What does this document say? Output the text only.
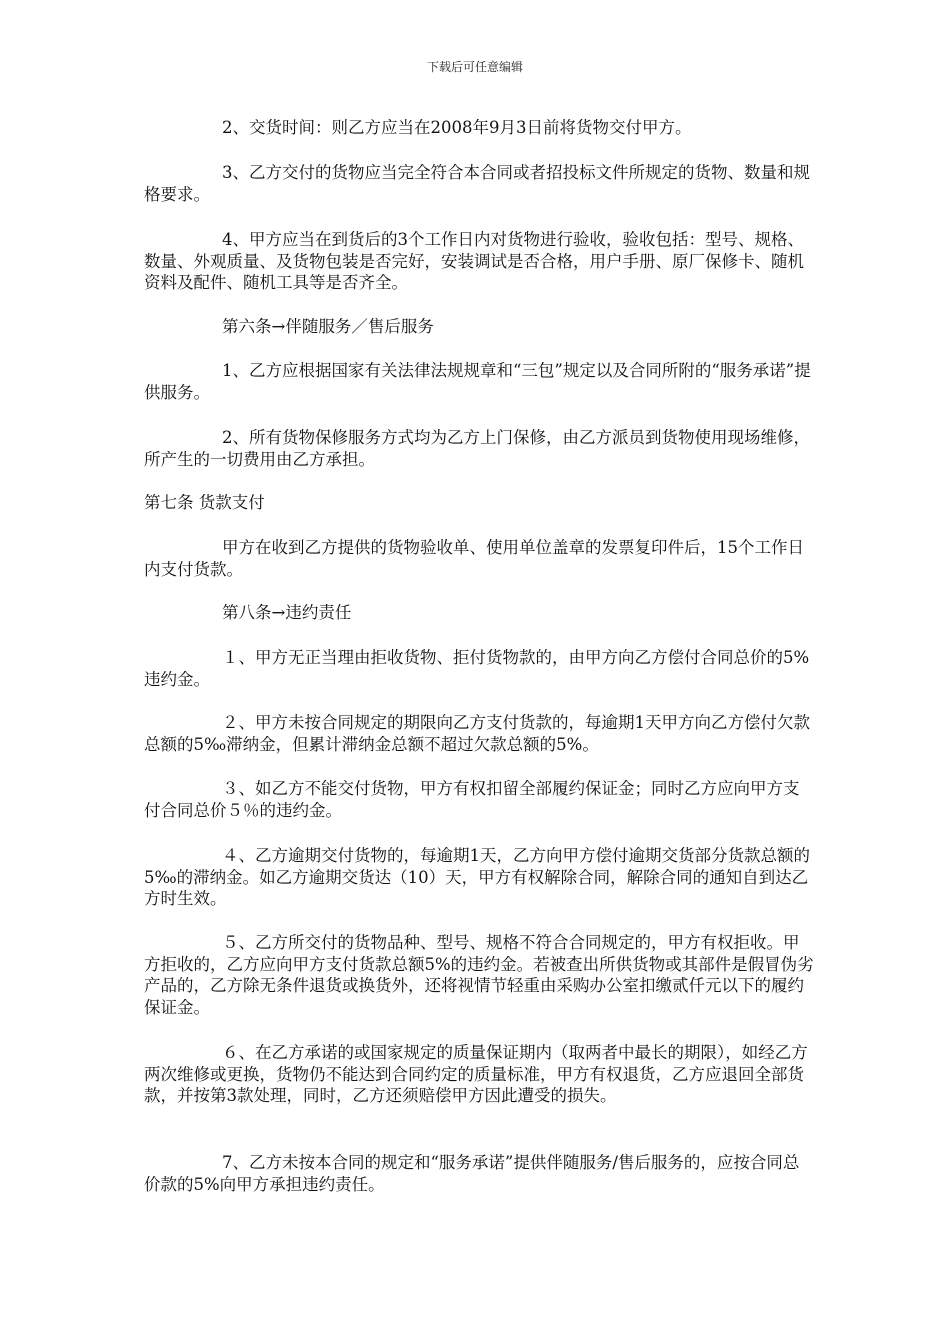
下载后可任意编辑

2、交货时间：则乙方应当在2008年9月3日前将货物交付甲方。

3、乙方交付的货物应当完全符合本合同或者招投标文件所规定的货物、数量和规格要求。

4、甲方应当在到货后的3个工作日内对货物进行验收，验收包括：型号、规格、数量、外观质量、及货物包装是否完好，安装调试是否合格，用户手册、原厂保修卡、随机资料及配件、随机工具等是否齐全。

第六条→伴随服务／售后服务

1、乙方应根据国家有关法律法规规章和“三包”规定以及合同所附的“服务承诺”提供服务。

2、所有货物保修服务方式均为乙方上门保修，由乙方派员到货物使用现场维修，所产生的一切费用由乙方承担。

第七条 货款支付

甲方在收到乙方提供的货物验收单、使用单位盖章的发票复印件后，15个工作日内支付货款。

第八条→违约责任

１、甲方无正当理由拒收货物、拒付货物款的，由甲方向乙方偿付合同总价的5%违约金。

２、甲方未按合同规定的期限向乙方支付货款的，每逾期1天甲方向乙方偿付欠款总额的5‰滞纳金，但累计滞纳金总额不超过欠款总额的5%。

３、如乙方不能交付货物，甲方有权扣留全部履约保证金；同时乙方应向甲方支付合同总价５％的违约金。

４、乙方逾期交付货物的，每逾期1天，乙方向甲方偿付逾期交货部分货款总额的5‰的滞纳金。如乙方逾期交货达（10）天，甲方有权解除合同，解除合同的通知自到达乙方时生效。

５、乙方所交付的货物品种、型号、规格不符合合同规定的，甲方有权拒收。甲方拒收的，乙方应向甲方支付货款总额5%的违约金。若被查出所供货物或其部件是假冒伪劣产品的，乙方除无条件退货或换货外，还将视情节轻重由采购办公室扣缴贰仟元以下的履约保证金。

６、在乙方承诺的或国家规定的质量保证期内（取两者中最长的期限），如经乙方两次维修或更换，货物仍不能达到合同约定的质量标准，甲方有权退货，乙方应退回全部货款，并按第3款处理，同时，乙方还须赔偿甲方因此遭受的损失。

7、乙方未按本合同的规定和“服务承诺”提供伴随服务/售后服务的，应按合同总价款的5%向甲方承担违约责任。
